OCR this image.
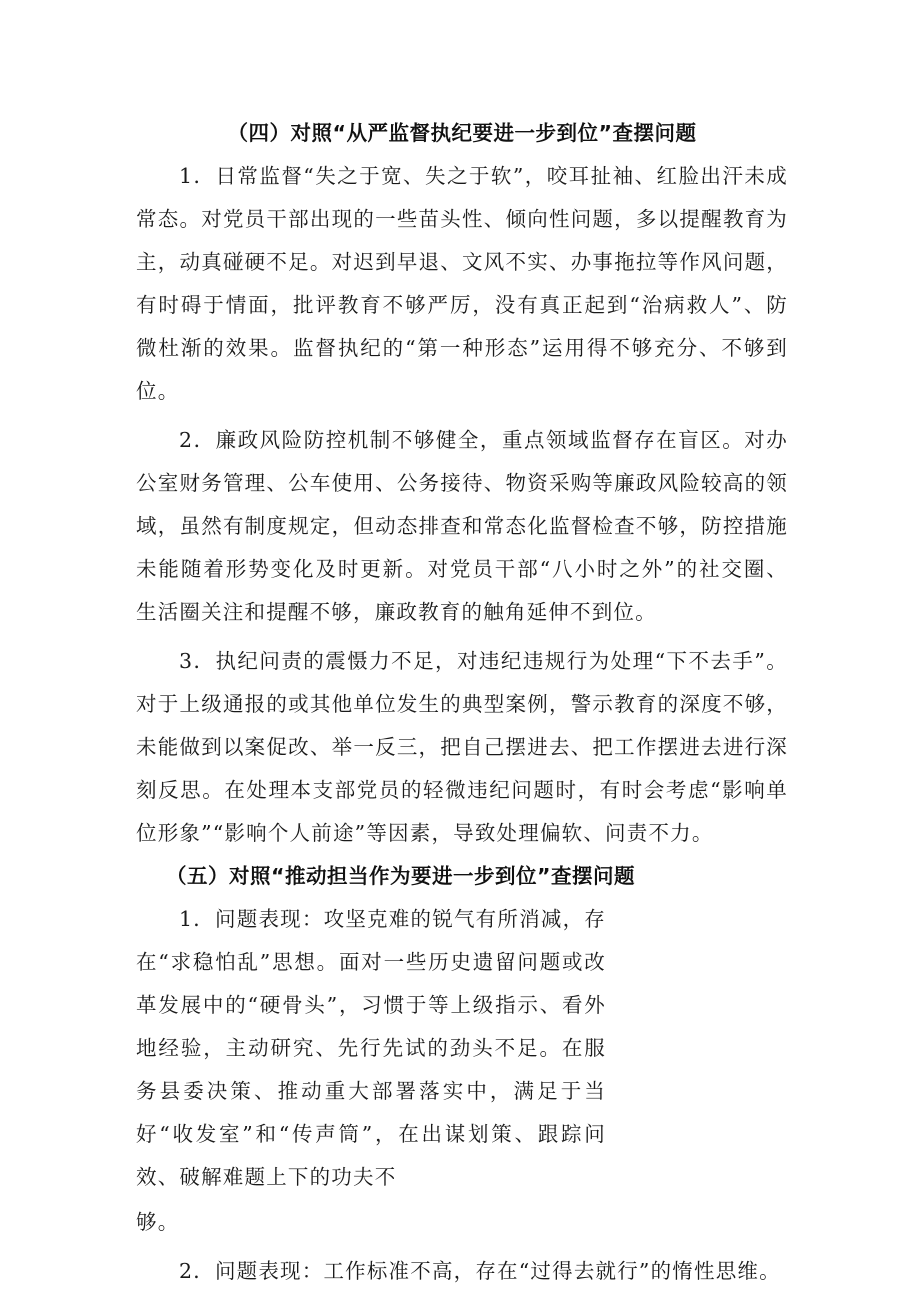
（四）对照“从严监督执纪要进一步到位”查摆问题

1．日常监督“失之于宽、失之于软”，咬耳扯袖、红脸出汗未成常态。对党员干部出现的一些苗头性、倾向性问题，多以提醒教育为主，动真碰硬不足。对迟到早退、文风不实、办事拖拉等作风问题，有时碍于情面，批评教育不够严厉，没有真正起到“治病救人”、防微杜渐的效果。监督执纪的“第一种形态”运用得不够充分、不够到位。

2．廉政风险防控机制不够健全，重点领域监督存在盲区。对办公室财务管理、公车使用、公务接待、物资采购等廉政风险较高的领域，虽然有制度规定，但动态排查和常态化监督检查不够，防控措施未能随着形势变化及时更新。对党员干部“八小时之外”的社交圈、生活圈关注和提醒不够，廉政教育的触角延伸不到位。

3．执纪问责的震慑力不足，对违纪违规行为处理“下不去手”。对于上级通报的或其他单位发生的典型案例，警示教育的深度不够，未能做到以案促改、举一反三，把自己摆进去、把工作摆进去进行深刻反思。在处理本支部党员的轻微违纪问题时，有时会考虑“影响单位形象”“影响个人前途”等因素，导致处理偏软、问责不力。

（五）对照“推动担当作为要进一步到位”查摆问题

1．问题表现：攻坚克难的锐气有所消减，存在“求稳怕乱”思想。面对一些历史遗留问题或改革发展中的“硬骨头”，习惯于等上级指示、看外地经验，主动研究、先行先试的劲头不足。在服务县委决策、推动重大部署落实中，满足于当好“收发室”和“传声筒”，在出谋划策、跟踪问效、破解难题上下的功夫不

够。

2．问题表现：工作标准不高，存在“过得去就行”的惰性思维。
